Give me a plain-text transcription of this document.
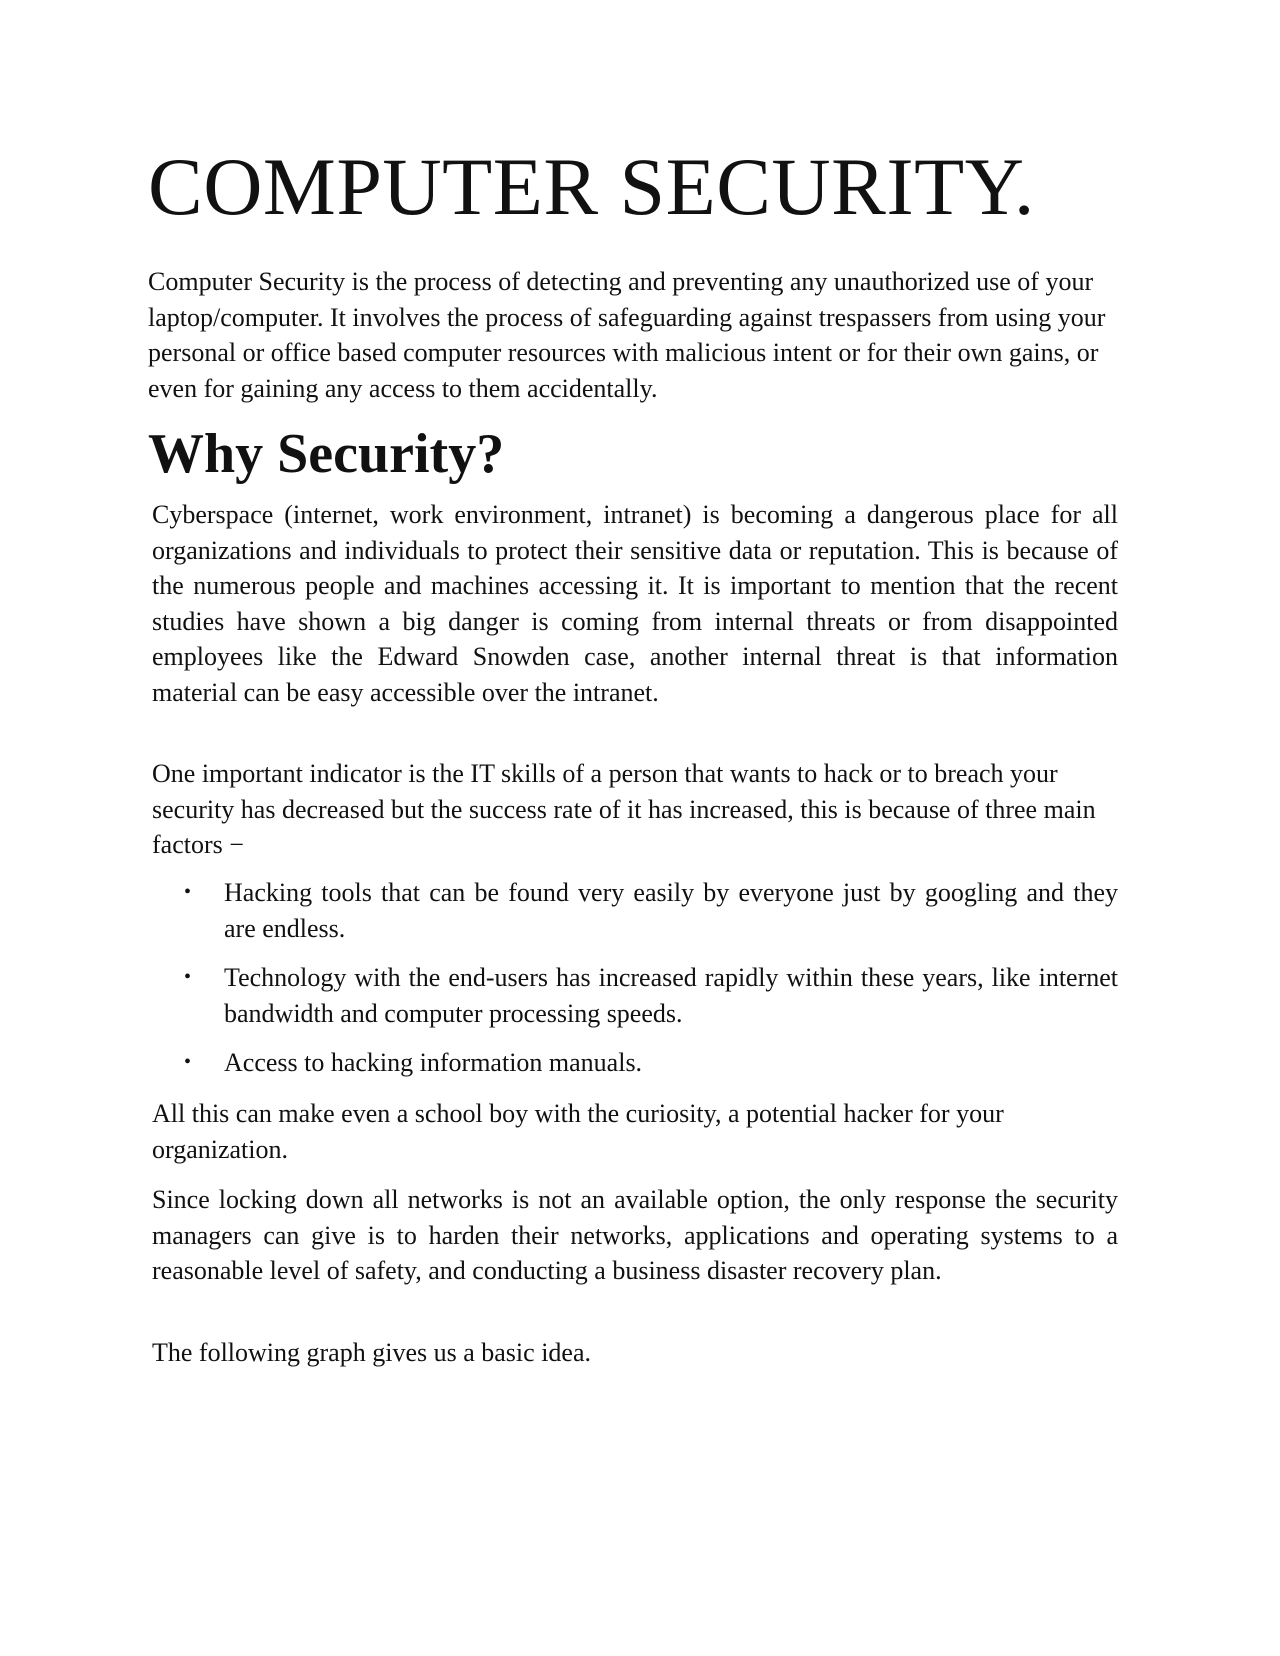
COMPUTER SECURITY.

Computer Security is the process of detecting and preventing any unauthorized use of your laptop/computer. It involves the process of safeguarding against trespassers from using your personal or office based computer resources with malicious intent or for their own gains, or even for gaining any access to them accidentally.

Why Security?

Cyberspace (internet, work environment, intranet) is becoming a dangerous place for all organizations and individuals to protect their sensitive data or reputation. This is because of the numerous people and machines accessing it. It is important to mention that the recent studies have shown a big danger is coming from internal threats or from disappointed employees like the Edward Snowden case, another internal threat is that information material can be easy accessible over the intranet.

One important indicator is the IT skills of a person that wants to hack or to breach your security has decreased but the success rate of it has increased, this is because of three main factors −

• Hacking tools that can be found very easily by everyone just by googling and they are endless.
• Technology with the end-users has increased rapidly within these years, like internet bandwidth and computer processing speeds.
• Access to hacking information manuals.

All this can make even a school boy with the curiosity, a potential hacker for your organization.

Since locking down all networks is not an available option, the only response the security managers can give is to harden their networks, applications and operating systems to a reasonable level of safety, and conducting a business disaster recovery plan.

The following graph gives us a basic idea.
